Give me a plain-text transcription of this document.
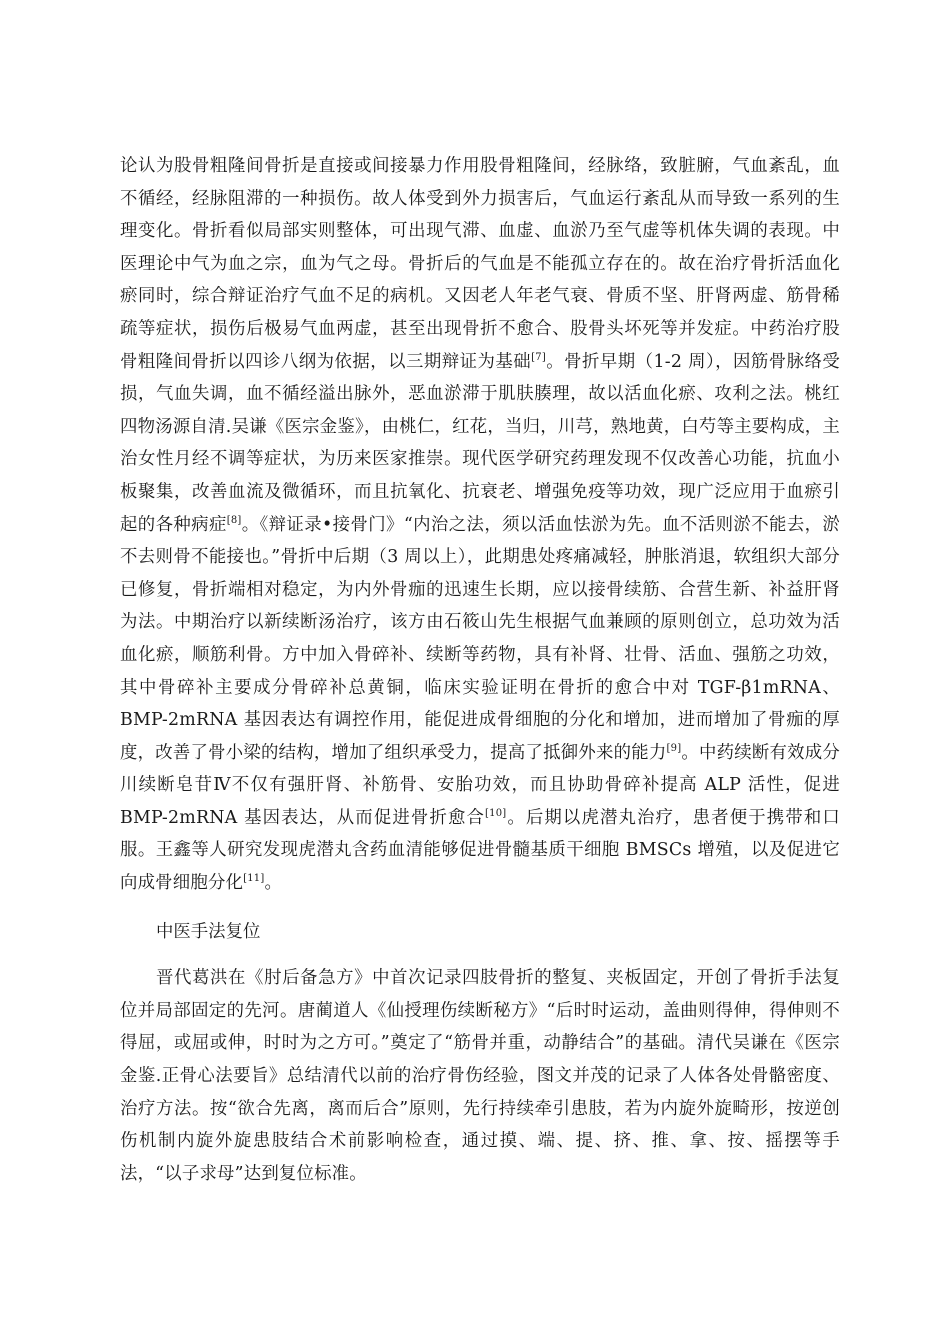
论认为股骨粗隆间骨折是直接或间接暴力作用股骨粗隆间，经脉络，致脏腑，气血紊乱，血不循经，经脉阻滞的一种损伤。故人体受到外力损害后，气血运行紊乱从而导致一系列的生理变化。骨折看似局部实则整体，可出现气滞、血虚、血淤乃至气虚等机体失调的表现。中医理论中气为血之宗，血为气之母。骨折后的气血是不能孤立存在的。故在治疗骨折活血化瘀同时，综合辩证治疗气血不足的病机。又因老人年老气衰、骨质不坚、肝肾两虚、筋骨稀疏等症状，损伤后极易气血两虚，甚至出现骨折不愈合、股骨头坏死等并发症。中药治疗股骨粗隆间骨折以四诊八纲为依据，以三期辩证为基础[7]。骨折早期（1-2 周），因筋骨脉络受损，气血失调，血不循经溢出脉外，恶血淤滞于肌肤腠理，故以活血化瘀、攻利之法。桃红四物汤源自清.吴谦《医宗金鉴》，由桃仁，红花，当归，川芎，熟地黄，白芍等主要构成，主治女性月经不调等症状，为历来医家推崇。现代医学研究药理发现不仅改善心功能，抗血小板聚集，改善血流及微循环，而且抗氧化、抗衰老、增强免疫等功效，现广泛应用于血瘀引起的各种病症[8]。《辩证录•接骨门》“内治之法，须以活血怯淤为先。血不活则淤不能去，淤不去则骨不能接也。”骨折中后期（3 周以上），此期患处疼痛减轻，肿胀消退，软组织大部分已修复，骨折端相对稳定，为内外骨痂的迅速生长期，应以接骨续筋、合营生新、补益肝肾为法。中期治疗以新续断汤治疗，该方由石筱山先生根据气血兼顾的原则创立，总功效为活血化瘀，顺筋利骨。方中加入骨碎补、续断等药物，具有补肾、壮骨、活血、强筋之功效，其中骨碎补主要成分骨碎补总黄铜，临床实验证明在骨折的愈合中对 TGF-β1mRNA、BMP-2mRNA 基因表达有调控作用，能促进成骨细胞的分化和增加，进而增加了骨痂的厚度，改善了骨小梁的结构，增加了组织承受力，提高了抵御外来的能力[9]。中药续断有效成分川续断皂苷Ⅳ不仅有强肝肾、补筋骨、安胎功效，而且协助骨碎补提高 ALP 活性，促进 BMP-2mRNA 基因表达，从而促进骨折愈合[10]。后期以虎潜丸治疗，患者便于携带和口服。王鑫等人研究发现虎潜丸含药血清能够促进骨髓基质干细胞 BMSCs 增殖，以及促进它向成骨细胞分化[11]。

中医手法复位

晋代葛洪在《肘后备急方》中首次记录四肢骨折的整复、夹板固定，开创了骨折手法复位并局部固定的先河。唐蔺道人《仙授理伤续断秘方》“后时时运动，盖曲则得伸，得伸则不得屈，或屈或伸，时时为之方可。”奠定了“筋骨并重，动静结合”的基础。清代吴谦在《医宗金鉴.正骨心法要旨》总结清代以前的治疗骨伤经验，图文并茂的记录了人体各处骨骼密度、治疗方法。按“欲合先离，离而后合”原则，先行持续牵引患肢，若为内旋外旋畸形，按逆创伤机制内旋外旋患肢结合术前影响检查，通过摸、端、提、挤、推、拿、按、摇摆等手法，“以子求母”达到复位标准。
